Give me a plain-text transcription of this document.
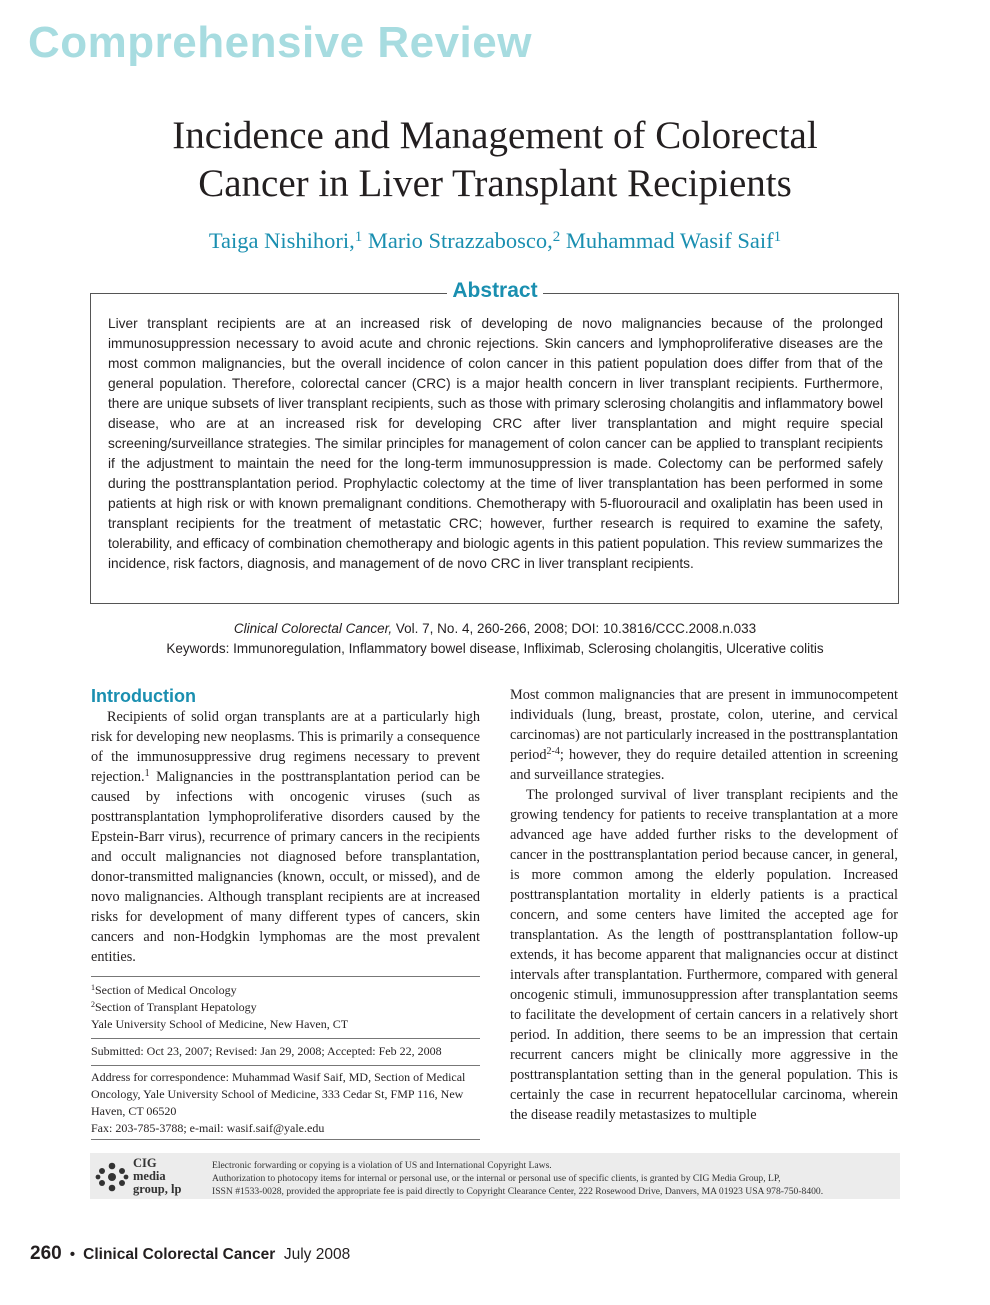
Comprehensive Review
Incidence and Management of Colorectal
Cancer in Liver Transplant Recipients
Taiga Nishihori,$^1$ Mario Strazzabosco,$^2$ Muhammad Wasif Saif$^1$
Abstract
Liver transplant recipients are at an increased risk of developing de novo malignancies because of the prolonged immunosuppression necessary to avoid acute and chronic rejections. Skin cancers and lymphoproliferative diseases are the most common malignancies, but the overall incidence of colon cancer in this patient population does differ from that of the general population. Therefore, colorectal cancer (CRC) is a major health concern in liver transplant recipients. Furthermore, there are unique subsets of liver transplant recipients, such as those with primary sclerosing cholangitis and inflammatory bowel disease, who are at an increased risk for developing CRC after liver transplantation and might require special screening/surveillance strategies. The similar principles for management of colon cancer can be applied to transplant recipients if the adjustment to maintain the need for the long-term immunosuppression is made. Colectomy can be performed safely during the posttransplantation period. Prophylactic colectomy at the time of liver transplantation has been performed in some patients at high risk or with known premalignant conditions. Chemotherapy with 5-fluorouracil and oxaliplatin has been used in transplant recipients for the treatment of metastatic CRC; however, further research is required to examine the safety, tolerability, and efficacy of combination chemotherapy and biologic agents in this patient population. This review summarizes the incidence, risk factors, diagnosis, and management of de novo CRC in liver transplant recipients.
Clinical Colorectal Cancer, Vol. 7, No. 4, 260-266, 2008; DOI: 10.3816/CCC.2008.n.033
Keywords: Immunoregulation, Inflammatory bowel disease, Infliximab, Sclerosing cholangitis, Ulcerative colitis
Introduction

Recipients of solid organ transplants are at a particularly high risk for developing new neoplasms. This is primarily a consequence of the immunosuppressive drug regimens necessary to prevent rejection.$^1$ Malignancies in the posttransplantation period can be caused by infections with oncogenic viruses (such as posttransplantation lymphoproliferative disorders caused by the Epstein-Barr virus), recurrence of primary cancers in the recipients and occult malignancies not diagnosed before transplantation, donor-transmitted malignancies (known, occult, or missed), and de novo malignancies. Although transplant recipients are at increased risks for development of many different types of cancers, skin cancers and non-Hodgkin lymphomas are the most prevalent entities.

$^1$Section of Medical Oncology
$^2$Section of Transplant Hepatology
Yale University School of Medicine, New Haven, CT
Submitted: Oct 23, 2007; Revised: Jan 29, 2008; Accepted: Feb 22, 2008
Address for correspondence: Muhammad Wasif Saif, MD, Section of Medical Oncology, Yale University School of Medicine, 333 Cedar St, FMP 116, New Haven, CT 06520
Fax: 203-785-3788; e-mail: wasif.saif@yale.edu

Most common malignancies that are present in immunocompetent individuals (lung, breast, prostate, colon, uterine, and cervical carcinomas) are not particularly increased in the posttransplantation period$^{2-4}$; however, they do require detailed attention in screening and surveillance strategies.

The prolonged survival of liver transplant recipients and the growing tendency for patients to receive transplantation at a more advanced age have added further risks to the development of cancer in the posttransplantation period because cancer, in general, is more common among the elderly population. Increased posttransplantation mortality in elderly patients is a practical concern, and some centers have limited the accepted age for transplantation. As the length of posttransplantation follow-up extends, it has become apparent that malignancies occur at distinct intervals after transplantation. Furthermore, compared with general oncogenic stimuli, immunosuppression after transplantation seems to facilitate the development of certain cancers in a relatively short period. In addition, there seems to be an impression that certain recurrent cancers might be clinically more aggressive in the posttransplantation setting than in the general population. This is certainly the case in recurrent hepatocellular carcinoma, wherein the disease readily metastasizes to multiple

CIG
media
group, lp
Electronic forwarding or copying is a violation of US and International Copyright Laws.
Authorization to photocopy items for internal or personal use, or the internal or personal use of specific clients, is granted by CIG Media Group, LP,
ISSN #1533-0028, provided the appropriate fee is paid directly to Copyright Clearance Center, 222 Rosewood Drive, Danvers, MA 01923 USA 978-750-8400.
260 • Clinical Colorectal Cancer July 2008
